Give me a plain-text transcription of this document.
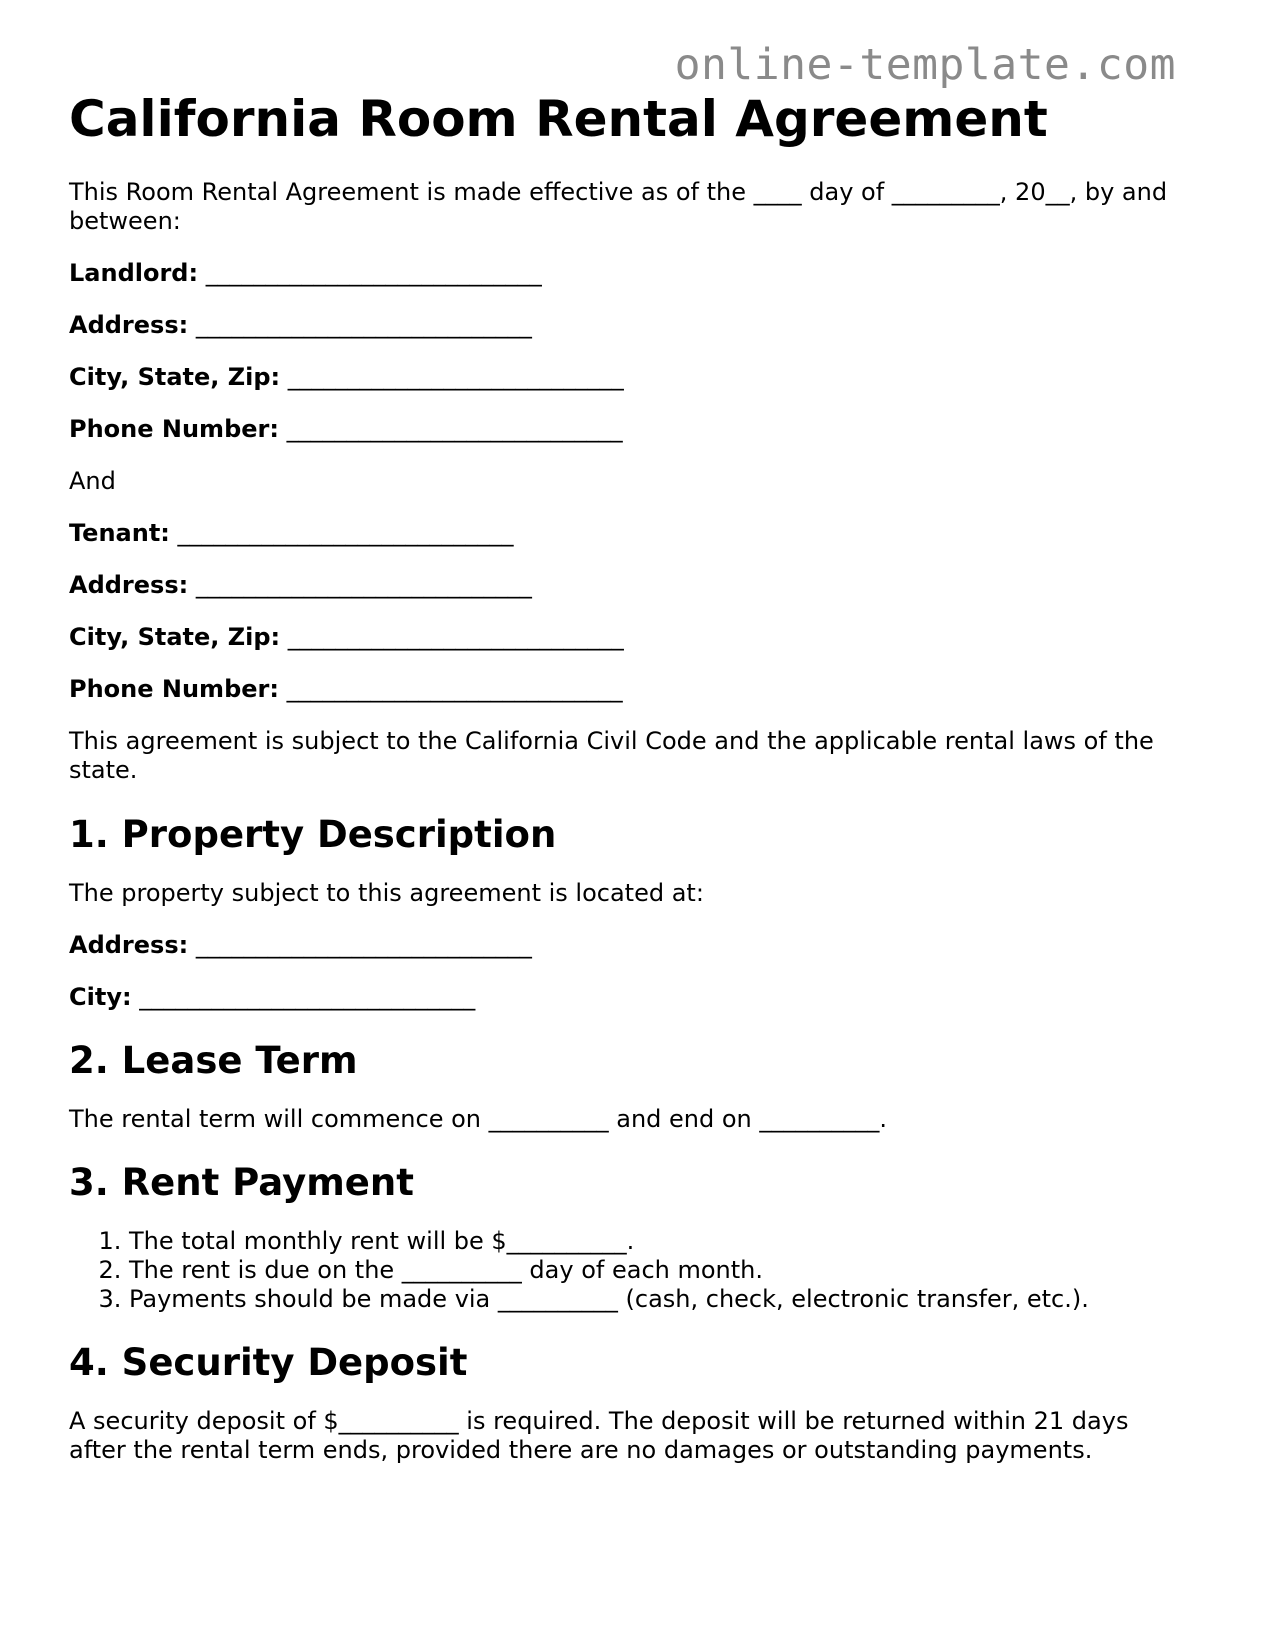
online-template.com
California Room Rental Agreement

This Room Rental Agreement is made effective as of the ____ day of _________, 20__, by and between:

Landlord: ____________________________

Address: ____________________________

City, State, Zip: ____________________________

Phone Number: ____________________________

And

Tenant: ____________________________

Address: ____________________________

City, State, Zip: ____________________________

Phone Number: ____________________________

This agreement is subject to the California Civil Code and the applicable rental laws of the state.

1. Property Description

The property subject to this agreement is located at:

Address: ____________________________

City: ____________________________

2. Lease Term

The rental term will commence on __________ and end on __________.

3. Rent Payment
1. The total monthly rent will be $__________.
2. The rent is due on the __________ day of each month.
3. Payments should be made via __________ (cash, check, electronic transfer, etc.).
4. Security Deposit

A security deposit of $__________ is required. The deposit will be returned within 21 days after the rental term ends, provided there are no damages or outstanding payments.
